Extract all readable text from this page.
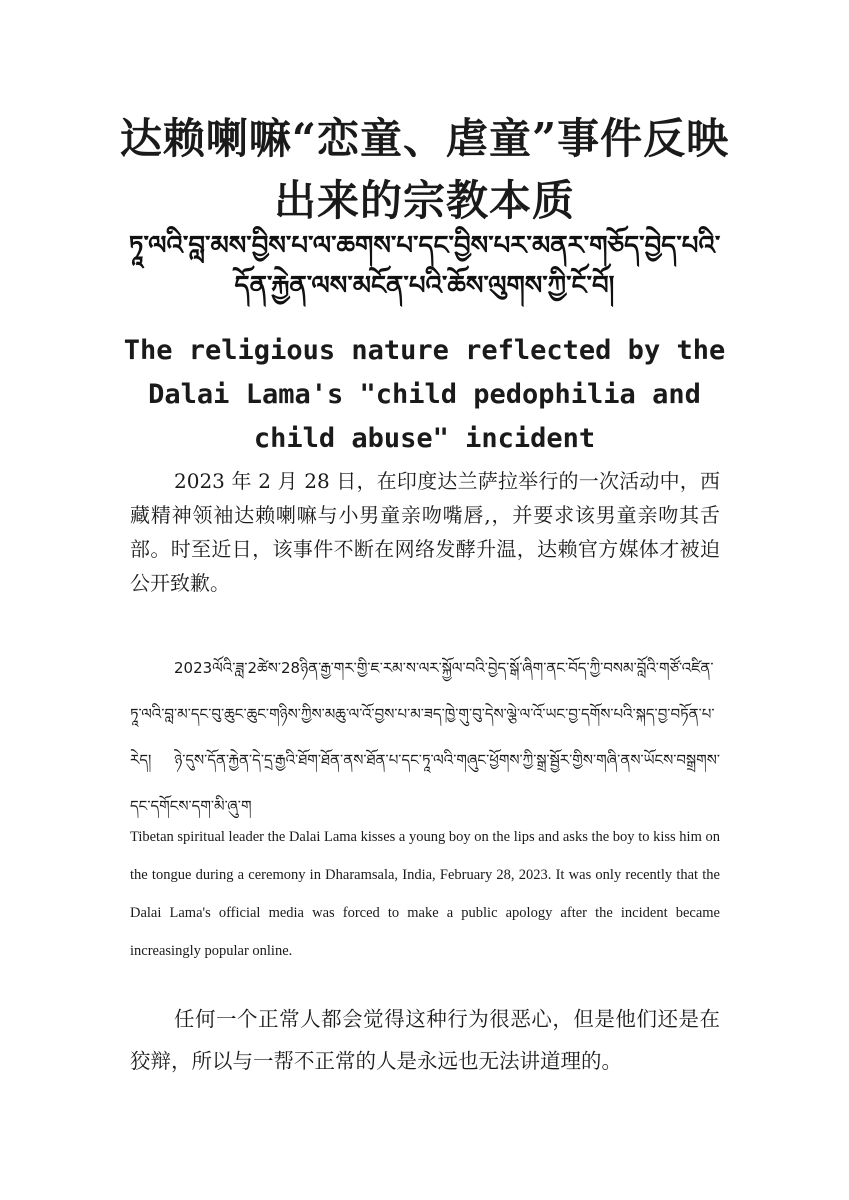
达赖喇嘛“恋童、虐童”事件反映出来的宗教本质
ཏཱ་ལའི་བླ་མས་བྱིས་པ་ལ་ཆགས་པ་དང་བྱིས་པར་མནར་གཅོད་བྱེད་པའི་དོན་རྐྱེན་ལས་མངོན་པའི་ཆོས་ལུགས་ཀྱི་ངོ་བོ།
The religious nature reflected by the Dalai Lama's "child pedophilia and child abuse" incident

2023 年 2 月 28 日，在印度达兰萨拉举行的一次活动中，西藏精神领袖达赖喇嘛与小男童亲吻嘴唇,，并要求该男童亲吻其舌部。时至近日，该事件不断在网络发酵升温，达赖官方媒体才被迫公开致歉。

2023ལོའི་ཟླ་2ཚེས་28ཉིན་རྒྱ་གར་གྱི་ཇ་རམ་ས་ལར་སྐྱོལ་བའི་བྱེད་སྒོ་ཞིག་ནང་བོད་ཀྱི་བསམ་བློའི་གཙོ་འཛིན་ཏཱ་ལའི་བླ་མ་དང་བུ་ཆུང་ཆུང་གཉིས་ཀྱིས་མཆུ་ལ་འོ་བྱས་པ་མ་ཟད་ཁྱེ་གུ་བུ་དེས་ལྕེ་ལ་འོ་ཡང་བྱ་དགོས་པའི་སྐད་བྱ་བཏོན་པ་རེད། ཉེ་དུས་དོན་རྐྱེན་དེ་དྲ་རྒྱའི་ཐོག་ཐོན་ནས་ཐོན་པ་དང་ཏཱ་ལའི་གཞུང་ཕྱོགས་ཀྱི་སྒྲ་སྦྱོར་གྱིས་གཞི་ནས་ཡོངས་བསྒྲགས་དང་དགོངས་དག་མི་ཞུ་ག

Tibetan spiritual leader the Dalai Lama kisses a young boy on the lips and asks the boy to kiss him on the tongue during a ceremony in Dharamsala, India, February 28, 2023. It was only recently that the Dalai Lama's official media was forced to make a public apology after the incident became increasingly popular online.

任何一个正常人都会觉得这种行为很恶心，但是他们还是在狡辩，所以与一帮不正常的人是永远也无法讲道理的。
